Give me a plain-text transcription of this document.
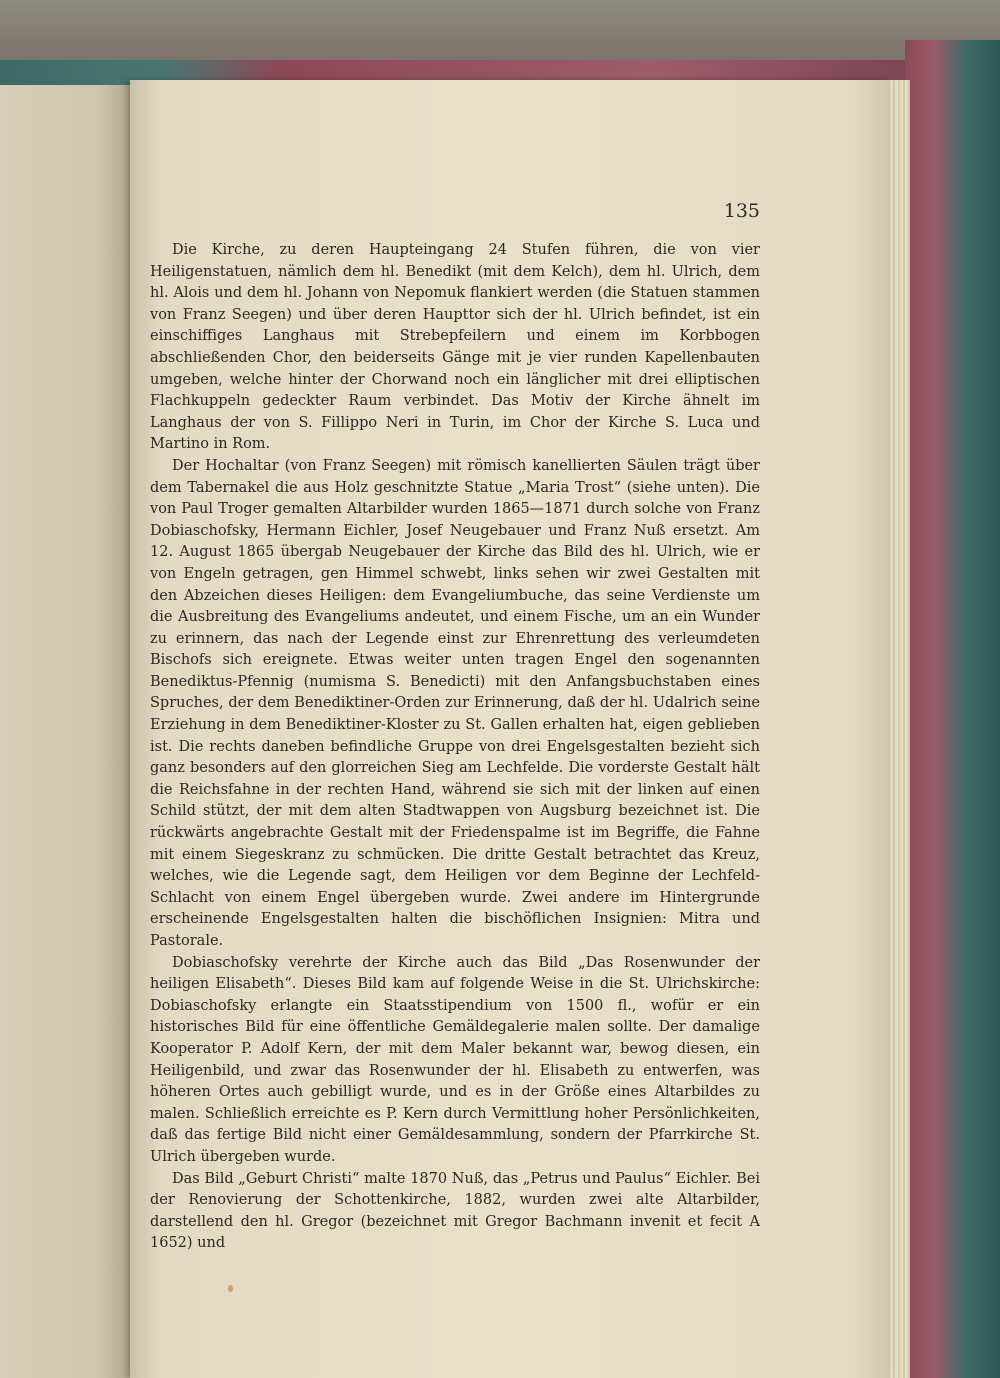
135

Die Kirche, zu deren Haupteingang 24 Stufen führen, die von vier Heiligenstatuen, nämlich dem hl. Benedikt (mit dem Kelch), dem hl. Ulrich, dem hl. Alois und dem hl. Johann von Nepomuk flankiert werden (die Statuen stammen von Franz Seegen) und über deren Haupttor sich der hl. Ulrich befindet, ist ein einschiffiges Langhaus mit Strebepfeilern und einem im Korbbogen abschließenden Chor, den beiderseits Gänge mit je vier runden Kapellenbauten umgeben, welche hinter der Chorwand noch ein länglicher mit drei elliptischen Flachkuppeln gedeckter Raum verbindet. Das Motiv der Kirche ähnelt im Langhaus der von S. Fillippo Neri in Turin, im Chor der Kirche S. Luca und Martino in Rom.

Der Hochaltar (von Franz Seegen) mit römisch kanellierten Säulen trägt über dem Tabernakel die aus Holz geschnitzte Statue „Maria Trost“ (siehe unten). Die von Paul Troger gemalten Altarbilder wurden 1865—1871 durch solche von Franz Dobiaschofsky, Hermann Eichler, Josef Neugebauer und Franz Nuß ersetzt. Am 12. August 1865 übergab Neugebauer der Kirche das Bild des hl. Ulrich, wie er von Engeln getragen, gen Himmel schwebt, links sehen wir zwei Gestalten mit den Abzeichen dieses Heiligen: dem Evangeliumbuche, das seine Verdienste um die Ausbreitung des Evangeliums andeutet, und einem Fische, um an ein Wunder zu erinnern, das nach der Legende einst zur Ehrenrettung des verleumdeten Bischofs sich ereignete. Etwas weiter unten tragen Engel den sogenannten Benediktus-Pfennig (numisma S. Benedicti) mit den Anfangsbuchstaben eines Spruches, der dem Benediktiner-Orden zur Erinnerung, daß der hl. Udalrich seine Erziehung in dem Benediktiner-Kloster zu St. Gallen erhalten hat, eigen geblieben ist. Die rechts daneben befindliche Gruppe von drei Engelsgestalten bezieht sich ganz besonders auf den glorreichen Sieg am Lechfelde. Die vorderste Gestalt hält die Reichsfahne in der rechten Hand, während sie sich mit der linken auf einen Schild stützt, der mit dem alten Stadtwappen von Augsburg bezeichnet ist. Die rückwärts angebrachte Gestalt mit der Friedenspalme ist im Begriffe, die Fahne mit einem Siegeskranz zu schmücken. Die dritte Gestalt betrachtet das Kreuz, welches, wie die Legende sagt, dem Heiligen vor dem Beginne der Lechfeld-Schlacht von einem Engel übergeben wurde. Zwei andere im Hintergrunde erscheinende Engelsgestalten halten die bischöflichen Insignien: Mitra und Pastorale.

Dobiaschofsky verehrte der Kirche auch das Bild „Das Rosenwunder der heiligen Elisabeth“. Dieses Bild kam auf folgende Weise in die St. Ulrichskirche: Dobiaschofsky erlangte ein Staatsstipendium von 1500 fl., wofür er ein historisches Bild für eine öffentliche Gemäldegalerie malen sollte. Der damalige Kooperator P. Adolf Kern, der mit dem Maler bekannt war, bewog diesen, ein Heiligenbild, und zwar das Rosenwunder der hl. Elisabeth zu entwerfen, was höheren Ortes auch gebilligt wurde, und es in der Größe eines Altarbildes zu malen. Schließlich erreichte es P. Kern durch Vermittlung hoher Persönlichkeiten, daß das fertige Bild nicht einer Gemäldesammlung, sondern der Pfarrkirche St. Ulrich übergeben wurde.

Das Bild „Geburt Christi“ malte 1870 Nuß, das „Petrus und Paulus“ Eichler. Bei der Renovierung der Schottenkirche, 1882, wurden zwei alte Altarbilder, darstellend den hl. Gregor (bezeichnet mit Gregor Bachmann invenit et fecit A 1652) und
